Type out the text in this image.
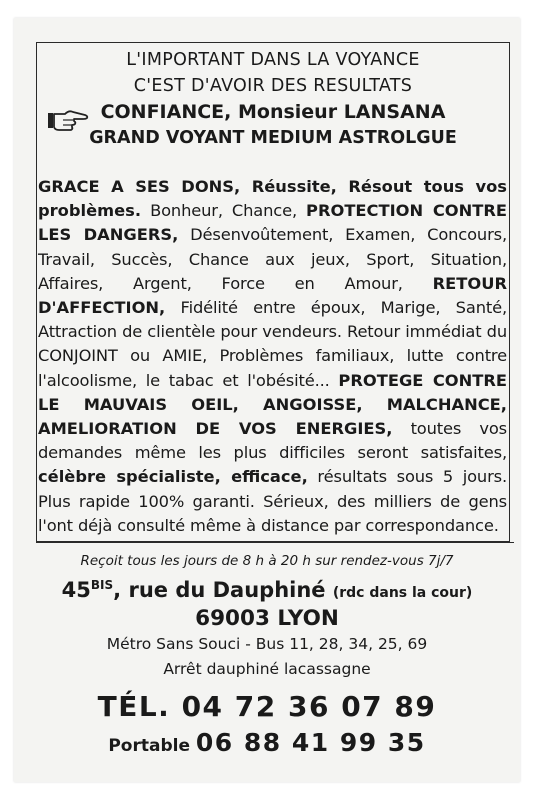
L'IMPORTANT DANS LA VOYANCE
C'EST D'AVOIR DES RESULTATS
CONFIANCE, Monsieur LANSANA
GRAND VOYANT MEDIUM ASTROLGUE
GRACE A SES DONS, Réussite, Résout tous vos problèmes. Bonheur, Chance, PROTECTION CONTRE LES DANGERS, Désenvoûtement, Examen, Concours, Travail, Succès, Chance aux jeux, Sport, Situation, Affaires, Argent, Force en Amour, RETOUR D'AFFECTION, Fidélité entre époux, Marige, Santé, Attraction de clientèle pour vendeurs. Retour immédiat du CONJOINT ou AMIE, Problèmes familiaux, lutte contre l'alcoolisme, le tabac et l'obésité... PROTEGE CONTRE LE MAUVAIS OEIL, ANGOISSE, MALCHANCE, AMELIORATION DE VOS ENERGIES, toutes vos demandes même les plus difficiles seront satisfaites, célèbre spécialiste, efficace, résultats sous 5 jours. Plus rapide 100% garanti. Sérieux, des milliers de gens l'ont déjà consulté même à distance par correspondance.
Reçoit tous les jours de 8 h à 20 h sur rendez-vous 7j/7
$45^{BIS}$, rue du Dauphiné (rdc dans la cour)
69003 LYON
Métro Sans Souci - Bus 11, 28, 34, 25, 69
Arrêt dauphiné lacassagne
TÉL. 04 72 36 07 89
Portable 06 88 41 99 35
